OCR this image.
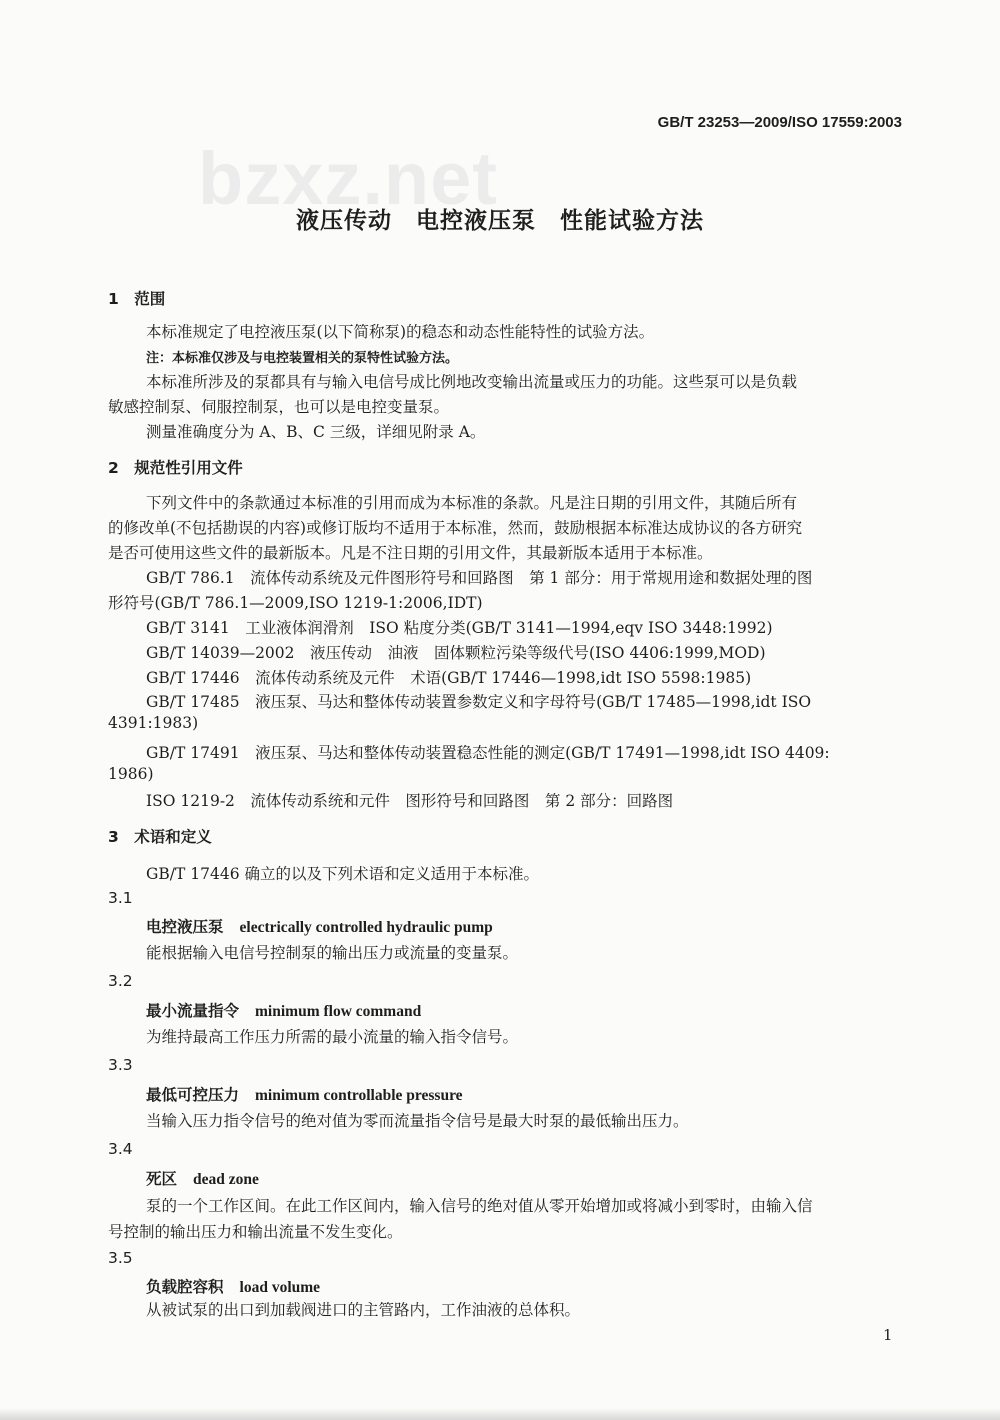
GB/T 23253—2009/ISO 17559:2003
bzxz.net
液压传动　电控液压泵　性能试验方法
1　范围
本标准规定了电控液压泵(以下简称泵)的稳态和动态性能特性的试验方法。
注：本标准仅涉及与电控装置相关的泵特性试验方法。
本标准所涉及的泵都具有与输入电信号成比例地改变输出流量或压力的功能。这些泵可以是负载
敏感控制泵、伺服控制泵，也可以是电控变量泵。
测量准确度分为 A、B、C 三级，详细见附录 A。
2　规范性引用文件
下列文件中的条款通过本标准的引用而成为本标准的条款。凡是注日期的引用文件，其随后所有
的修改单(不包括勘误的内容)或修订版均不适用于本标准，然而，鼓励根据本标准达成协议的各方研究
是否可使用这些文件的最新版本。凡是不注日期的引用文件，其最新版本适用于本标准。
GB/T 786.1　流体传动系统及元件图形符号和回路图　第 1 部分：用于常规用途和数据处理的图
形符号(GB/T 786.1—2009,ISO 1219-1:2006,IDT)
GB/T 3141　工业液体润滑剂　ISO 粘度分类(GB/T 3141—1994,eqv ISO 3448:1992)
GB/T 14039—2002　液压传动　油液　固体颗粒污染等级代号(ISO 4406:1999,MOD)
GB/T 17446　流体传动系统及元件　术语(GB/T 17446—1998,idt ISO 5598:1985)
GB/T 17485　液压泵、马达和整体传动装置参数定义和字母符号(GB/T 17485—1998,idt ISO
4391:1983)
GB/T 17491　液压泵、马达和整体传动装置稳态性能的测定(GB/T 17491—1998,idt ISO 4409:
1986)
ISO 1219-2　流体传动系统和元件　图形符号和回路图　第 2 部分：回路图
3　术语和定义
GB/T 17446 确立的以及下列术语和定义适用于本标准。
3.1
电控液压泵 electrically controlled hydraulic pump
能根据输入电信号控制泵的输出压力或流量的变量泵。
3.2
最小流量指令 minimum flow command
为维持最高工作压力所需的最小流量的输入指令信号。
3.3
最低可控压力 minimum controllable pressure
当输入压力指令信号的绝对值为零而流量指令信号是最大时泵的最低输出压力。
3.4
死区 dead zone
泵的一个工作区间。在此工作区间内，输入信号的绝对值从零开始增加或将减小到零时，由输入信
号控制的输出压力和输出流量不发生变化。
3.5
负载腔容积 load volume
从被试泵的出口到加载阀进口的主管路内，工作油液的总体积。
1
